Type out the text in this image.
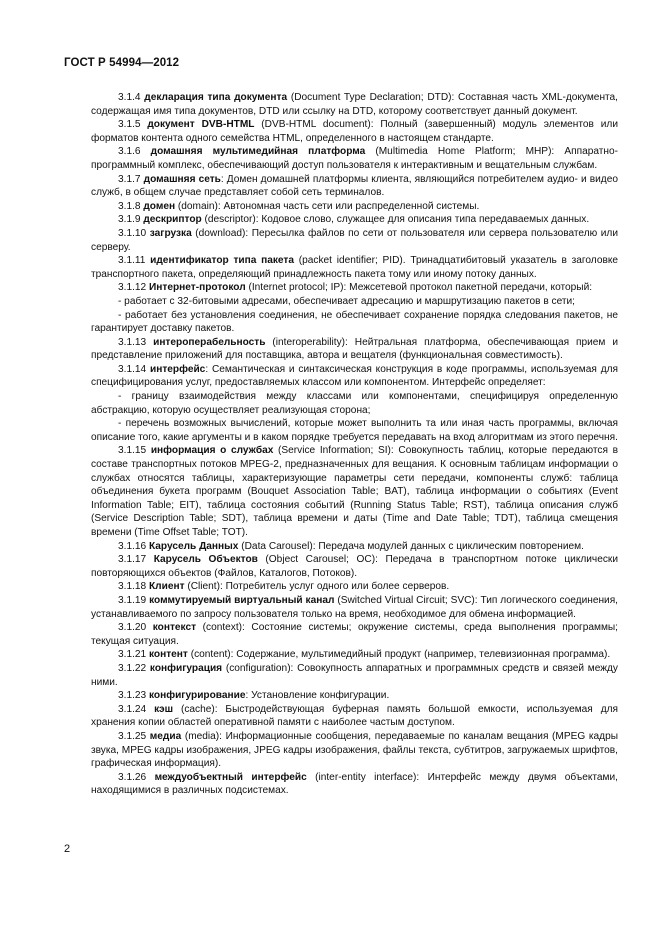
ГОСТ Р 54994—2012

3.1.4 декларация типа документа (Document Type Declaration; DTD): Составная часть XML-документа, содержащая имя типа документов, DTD или ссылку на DTD, которому соответствует данный документ.

3.1.5 документ DVB-HTML (DVB-HTML document): Полный (завершенный) модуль элементов или форматов контента одного семейства HTML, определенного в настоящем стандарте.

3.1.6 домашняя мультимедийная платформа (Multimedia Home Platform; MHP): Аппаратно-программный комплекс, обеспечивающий доступ пользователя к интерактивным и вещательным службам.

3.1.7 домашняя сеть: Домен домашней платформы клиента, являющийся потребителем аудио- и видео служб, в общем случае представляет собой сеть терминалов.

3.1.8 домен (domain): Автономная часть сети или распределенной системы.

3.1.9 дескриптор (descriptor): Кодовое слово, служащее для описания типа передаваемых данных.

3.1.10 загрузка (download): Пересылка файлов по сети от пользователя или сервера пользователю или серверу.

3.1.11 идентификатор типа пакета (packet identifier; PID). Тринадцатибитовый указатель в заголовке транспортного пакета, определяющий принадлежность пакета тому или иному потоку данных.

3.1.12 Интернет-протокол (Internet protocol; IP): Межсетевой протокол пакетной передачи, который:

- работает с 32-битовыми адресами, обеспечивает адресацию и маршрутизацию пакетов в сети;

- работает без установления соединения, не обеспечивает сохранение порядка следования пакетов, не гарантирует доставку пакетов.

3.1.13 интероперабельность (interoperability): Нейтральная платформа, обеспечивающая прием и представление приложений для поставщика, автора и вещателя (функциональная совместимость).

3.1.14 интерфейс: Семантическая и синтаксическая конструкция в коде программы, используемая для специфицирования услуг, предоставляемых классом или компонентом. Интерфейс определяет:

- границу взаимодействия между классами или компонентами, специфицируя определенную абстракцию, которую осуществляет реализующая сторона;

- перечень возможных вычислений, которые может выполнить та или иная часть программы, включая описание того, какие аргументы и в каком порядке требуется передавать на вход алгоритмам из этого перечня.

3.1.15 информация о службах (Service Information; SI): Совокупность таблиц, которые передаются в составе транспортных потоков MPEG-2, предназначенных для вещания. К основным таблицам информации о службах относятся таблицы, характеризующие параметры сети передачи, компоненты служб: таблица объединения букета программ (Bouquet Association Table; BAT), таблица информации о событиях (Event Information Table; EIT), таблица состояния событий (Running Status Table; RST), таблица описания служб (Service Description Table; SDT), таблица времени и даты (Time and Date Table; TDT), таблица смещения времени (Time Offset Table; TOT).

3.1.16 Карусель Данных (Data Carousel): Передача модулей данных с циклическим повторением.

3.1.17 Карусель Объектов (Object Carousel; OC): Передача в транспортном потоке циклически повторяющихся объектов (Файлов, Каталогов, Потоков).

3.1.18 Клиент (Client): Потребитель услуг одного или более серверов.

3.1.19 коммутируемый виртуальный канал (Switched Virtual Circuit; SVC): Тип логического соединения, устанавливаемого по запросу пользователя только на время, необходимое для обмена информацией.

3.1.20 контекст (context): Состояние системы; окружение системы, среда выполнения программы; текущая ситуация.

3.1.21 контент (content): Содержание, мультимедийный продукт (например, телевизионная программа).

3.1.22 конфигурация (configuration): Совокупность аппаратных и программных средств и связей между ними.

3.1.23 конфигурирование: Установление конфигурации.

3.1.24 кэш (cache): Быстродействующая буферная память большой емкости, используемая для хранения копии областей оперативной памяти с наиболее частым доступом.

3.1.25 медиа (media): Информационные сообщения, передаваемые по каналам вещания (MPEG кадры звука, MPEG кадры изображения, JPEG кадры изображения, файлы текста, субтитров, загружаемых шрифтов, графическая информация).

3.1.26 междуобъектный интерфейс (inter-entity interface): Интерфейс между двумя объектами, находящимися в различных подсистемах.

2
